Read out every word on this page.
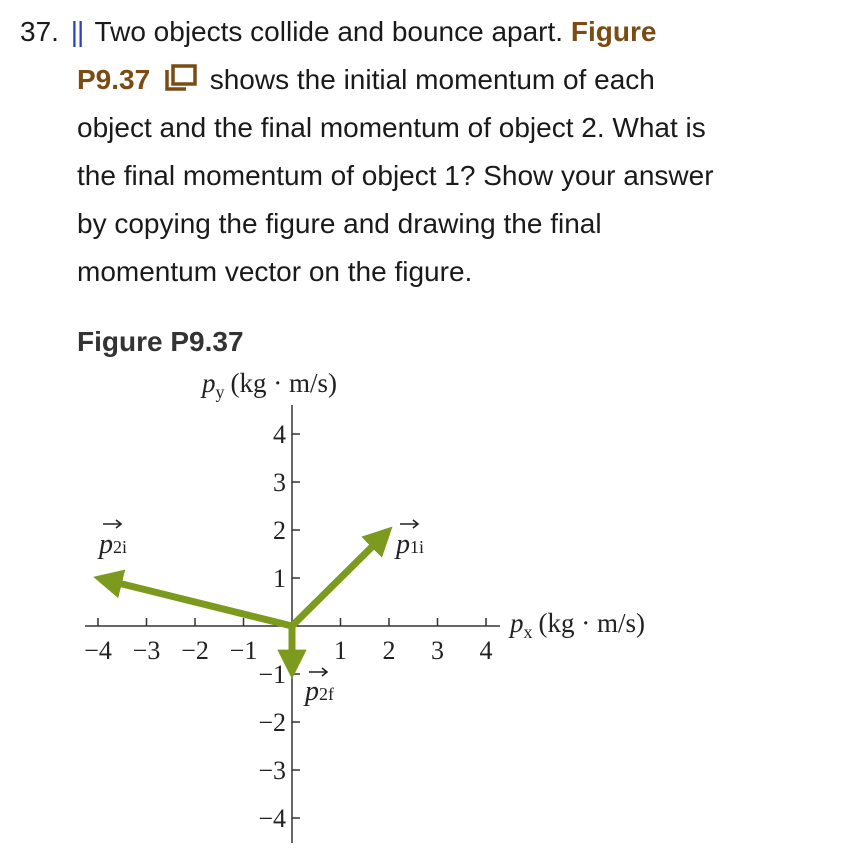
37. || Two objects collide and bounce apart. Figure
P9.37 shows the initial momentum of each
object and the final momentum of object 2. What is
the final momentum of object 1? Show your answer
by copying the figure and drawing the final
momentum vector on the figure.
Figure P9.37
−4 −3 −2 −1	1 2 3 4
4
3
2
1
−1
−2
−3
−4
$p_y$ (kg · m/s)
$p_x$ (kg · m/s)
p2i	p1i
p2f
